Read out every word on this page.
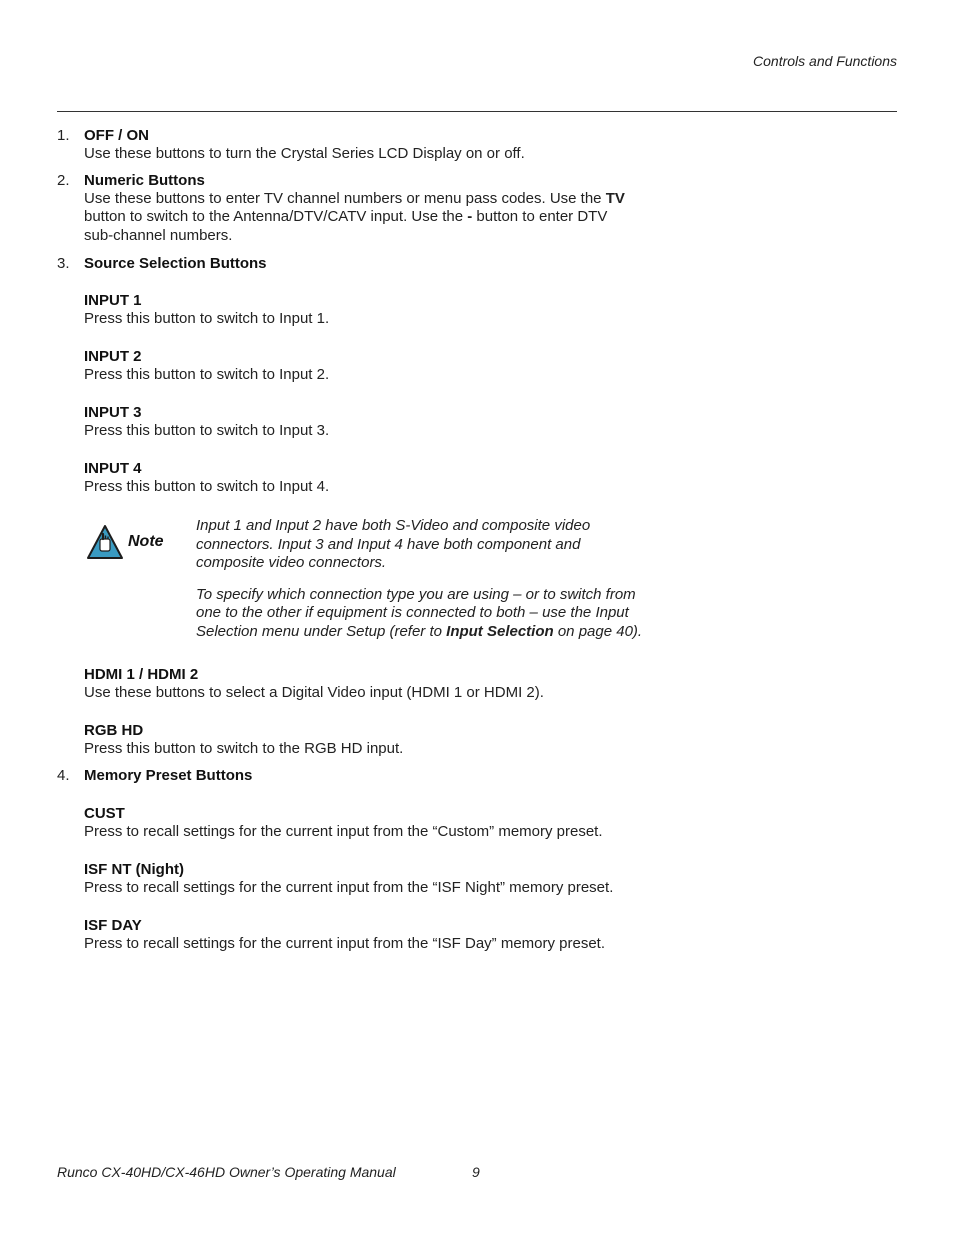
Controls and Functions
1. OFF / ON
Use these buttons to turn the Crystal Series LCD Display on or off.
2. Numeric Buttons
Use these buttons to enter TV channel numbers or menu pass codes. Use the TV
button to switch to the Antenna/DTV/CATV input. Use the - button to enter DTV
sub-channel numbers.
3. Source Selection Buttons
INPUT 1
Press this button to switch to Input 1.
INPUT 2
Press this button to switch to Input 2.
INPUT 3
Press this button to switch to Input 3.
INPUT 4
Press this button to switch to Input 4.
Note
Input 1 and Input 2 have both S-Video and composite video
connectors. Input 3 and Input 4 have both component and
composite video connectors.
To specify which connection type you are using – or to switch from
one to the other if equipment is connected to both – use the Input
Selection menu under Setup (refer to Input Selection on page 40).
HDMI 1 / HDMI 2
Use these buttons to select a Digital Video input (HDMI 1 or HDMI 2).
RGB HD
Press this button to switch to the RGB HD input.
4. Memory Preset Buttons
CUST
Press to recall settings for the current input from the “Custom” memory preset.
ISF NT (Night)
Press to recall settings for the current input from the “ISF Night” memory preset.
ISF DAY
Press to recall settings for the current input from the “ISF Day” memory preset.
Runco CX-40HD/CX-46HD Owner’s Operating Manual	9
